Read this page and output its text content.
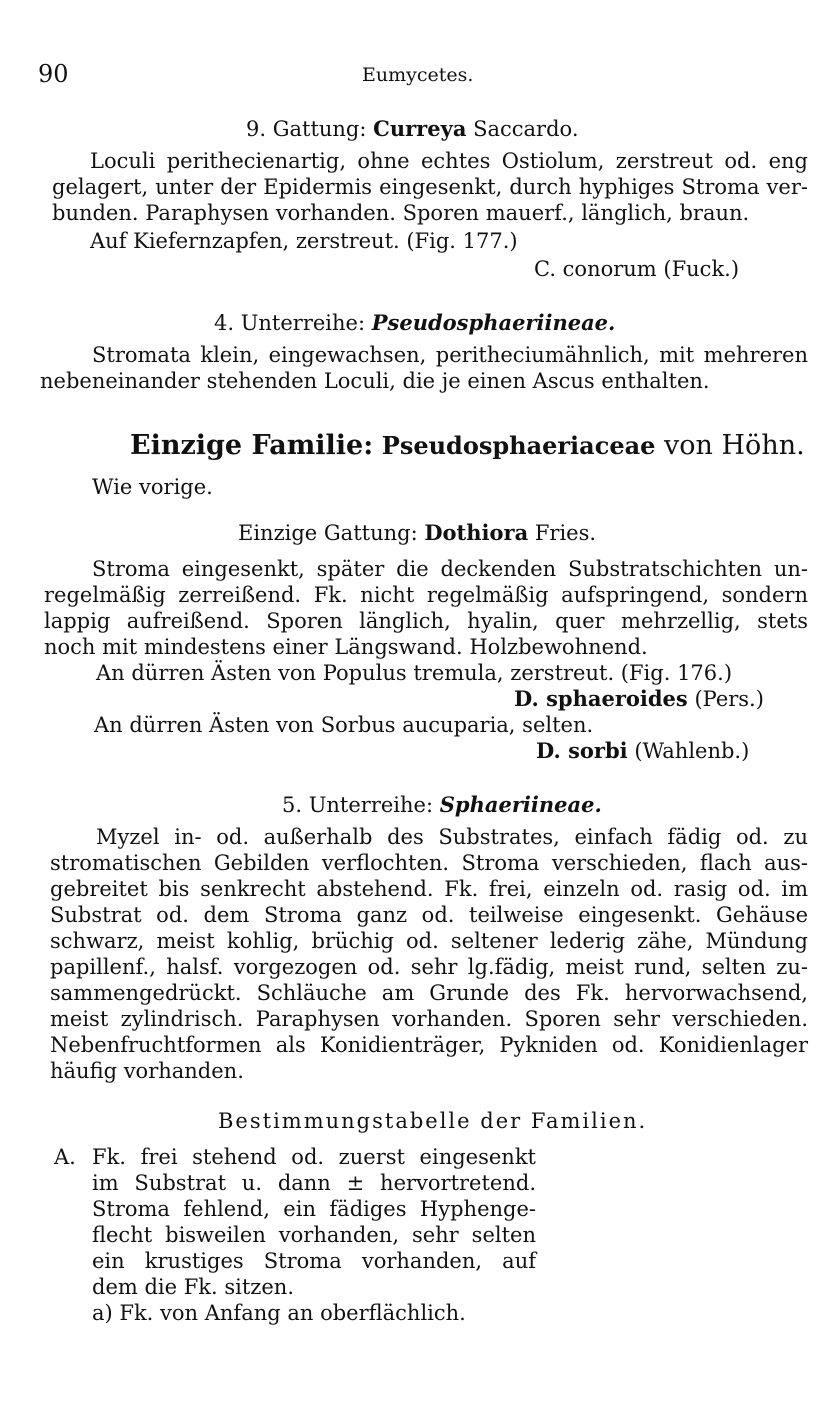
90	Eumycetes.
9. Gattung: Curreya Saccardo.
Loculi perithecienartig, ohne echtes Ostiolum, zerstreut od. eng
gelagert, unter der Epidermis eingesenkt, durch hyphiges Stroma ver-
bunden. Paraphysen vorhanden. Sporen mauerf., länglich, braun.
Auf Kiefernzapfen, zerstreut. (Fig. 177.)
C. conorum (Fuck.)
4. Unterreihe: Pseudosphaeriineae.
Stromata klein, eingewachsen, peritheciumähnlich, mit mehreren
nebeneinander stehenden Loculi, die je einen Ascus enthalten.
Einzige Familie: Pseudosphaeriaceae von Höhn.
Wie vorige.
Einzige Gattung: Dothiora Fries.
Stroma eingesenkt, später die deckenden Substratschichten un-
regelmäßig zerreißend. Fk. nicht regelmäßig aufspringend, sondern
lappig aufreißend. Sporen länglich, hyalin, quer mehrzellig, stets
noch mit mindestens einer Längswand. Holzbewohnend.
An dürren Ästen von Populus tremula, zerstreut. (Fig. 176.)
D. sphaeroides (Pers.)
An dürren Ästen von Sorbus aucuparia, selten.
D. sorbi (Wahlenb.)
5. Unterreihe: Sphaeriineae.
Myzel in- od. außerhalb des Substrates, einfach fädig od. zu
stromatischen Gebilden verflochten. Stroma verschieden, flach aus-
gebreitet bis senkrecht abstehend. Fk. frei, einzeln od. rasig od. im
Substrat od. dem Stroma ganz od. teilweise eingesenkt. Gehäuse
schwarz, meist kohlig, brüchig od. seltener lederig zähe, Mündung
papillenf., halsf. vorgezogen od. sehr lg.fädig, meist rund, selten zu-
sammengedrückt. Schläuche am Grunde des Fk. hervorwachsend,
meist zylindrisch. Paraphysen vorhanden. Sporen sehr verschieden.
Nebenfruchtformen als Konidienträger, Pykniden od. Konidienlager
häufig vorhanden.
Bestimmungstabelle der Familien.
A. Fk. frei stehend od. zuerst eingesenkt
im Substrat u. dann ± hervortretend.
Stroma fehlend, ein fädiges Hyphenge-
flecht bisweilen vorhanden, sehr selten
ein krustiges Stroma vorhanden, auf
dem die Fk. sitzen.
a) Fk. von Anfang an oberflächlich.
